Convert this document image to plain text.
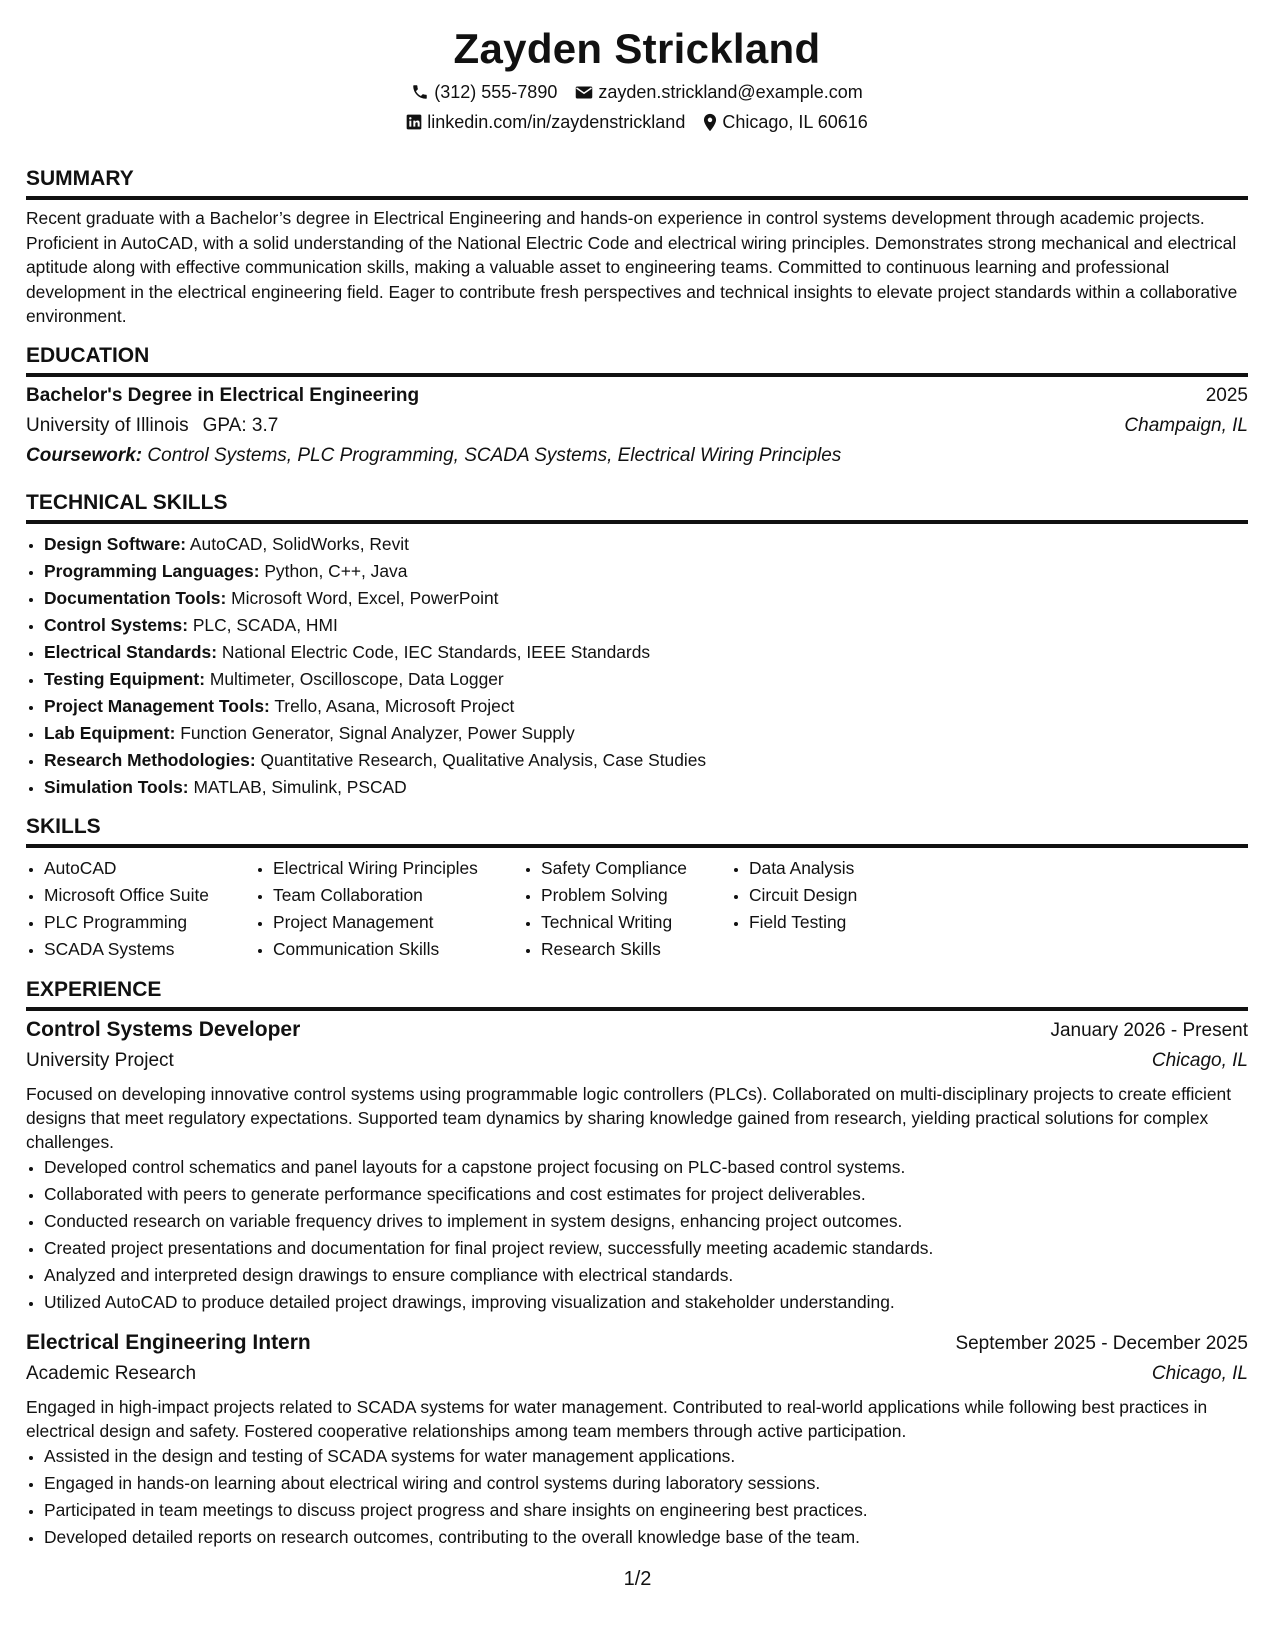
Zayden Strickland
(312) 555-7890 zayden.strickland@example.com
linkedin.com/in/zaydenstrickland Chicago, IL 60616
SUMMARY

Recent graduate with a Bachelor’s degree in Electrical Engineering and hands-on experience in control systems development through academic projects. Proficient in AutoCAD, with a solid understanding of the National Electric Code and electrical wiring principles. Demonstrates strong mechanical and electrical aptitude along with effective communication skills, making a valuable asset to engineering teams. Committed to continuous learning and professional development in the electrical engineering field. Eager to contribute fresh perspectives and technical insights to elevate project standards within a collaborative environment.

EDUCATION
Bachelor's Degree in Electrical Engineering	2025
University of Illinois GPA: 3.7	Champaign, IL
Coursework: Control Systems, PLC Programming, SCADA Systems, Electrical Wiring Principles
TECHNICAL SKILLS
• Design Software: AutoCAD, SolidWorks, Revit
• Programming Languages: Python, C++, Java
• Documentation Tools: Microsoft Word, Excel, PowerPoint
• Control Systems: PLC, SCADA, HMI
• Electrical Standards: National Electric Code, IEC Standards, IEEE Standards
• Testing Equipment: Multimeter, Oscilloscope, Data Logger
• Project Management Tools: Trello, Asana, Microsoft Project
• Lab Equipment: Function Generator, Signal Analyzer, Power Supply
• Research Methodologies: Quantitative Research, Qualitative Analysis, Case Studies
• Simulation Tools: MATLAB, Simulink, PSCAD
SKILLS
• AutoCAD
• Microsoft Office Suite
• PLC Programming
• SCADA Systems
• Electrical Wiring Principles
• Team Collaboration
• Project Management
• Communication Skills
• Safety Compliance
• Problem Solving
• Technical Writing
• Research Skills
• Data Analysis
• Circuit Design
• Field Testing
EXPERIENCE
Control Systems Developer	January 2026 - Present
University Project	Chicago, IL

Focused on developing innovative control systems using programmable logic controllers (PLCs). Collaborated on multi-disciplinary projects to create efficient designs that meet regulatory expectations. Supported team dynamics by sharing knowledge gained from research, yielding practical solutions for complex challenges.

• Developed control schematics and panel layouts for a capstone project focusing on PLC-based control systems.
• Collaborated with peers to generate performance specifications and cost estimates for project deliverables.
• Conducted research on variable frequency drives to implement in system designs, enhancing project outcomes.
• Created project presentations and documentation for final project review, successfully meeting academic standards.
• Analyzed and interpreted design drawings to ensure compliance with electrical standards.
• Utilized AutoCAD to produce detailed project drawings, improving visualization and stakeholder understanding.
Electrical Engineering Intern	September 2025 - December 2025
Academic Research	Chicago, IL

Engaged in high-impact projects related to SCADA systems for water management. Contributed to real-world applications while following best practices in electrical design and safety. Fostered cooperative relationships among team members through active participation.

• Assisted in the design and testing of SCADA systems for water management applications.
• Engaged in hands-on learning about electrical wiring and control systems during laboratory sessions.
• Participated in team meetings to discuss project progress and share insights on engineering best practices.
• Developed detailed reports on research outcomes, contributing to the overall knowledge base of the team.
1/2
